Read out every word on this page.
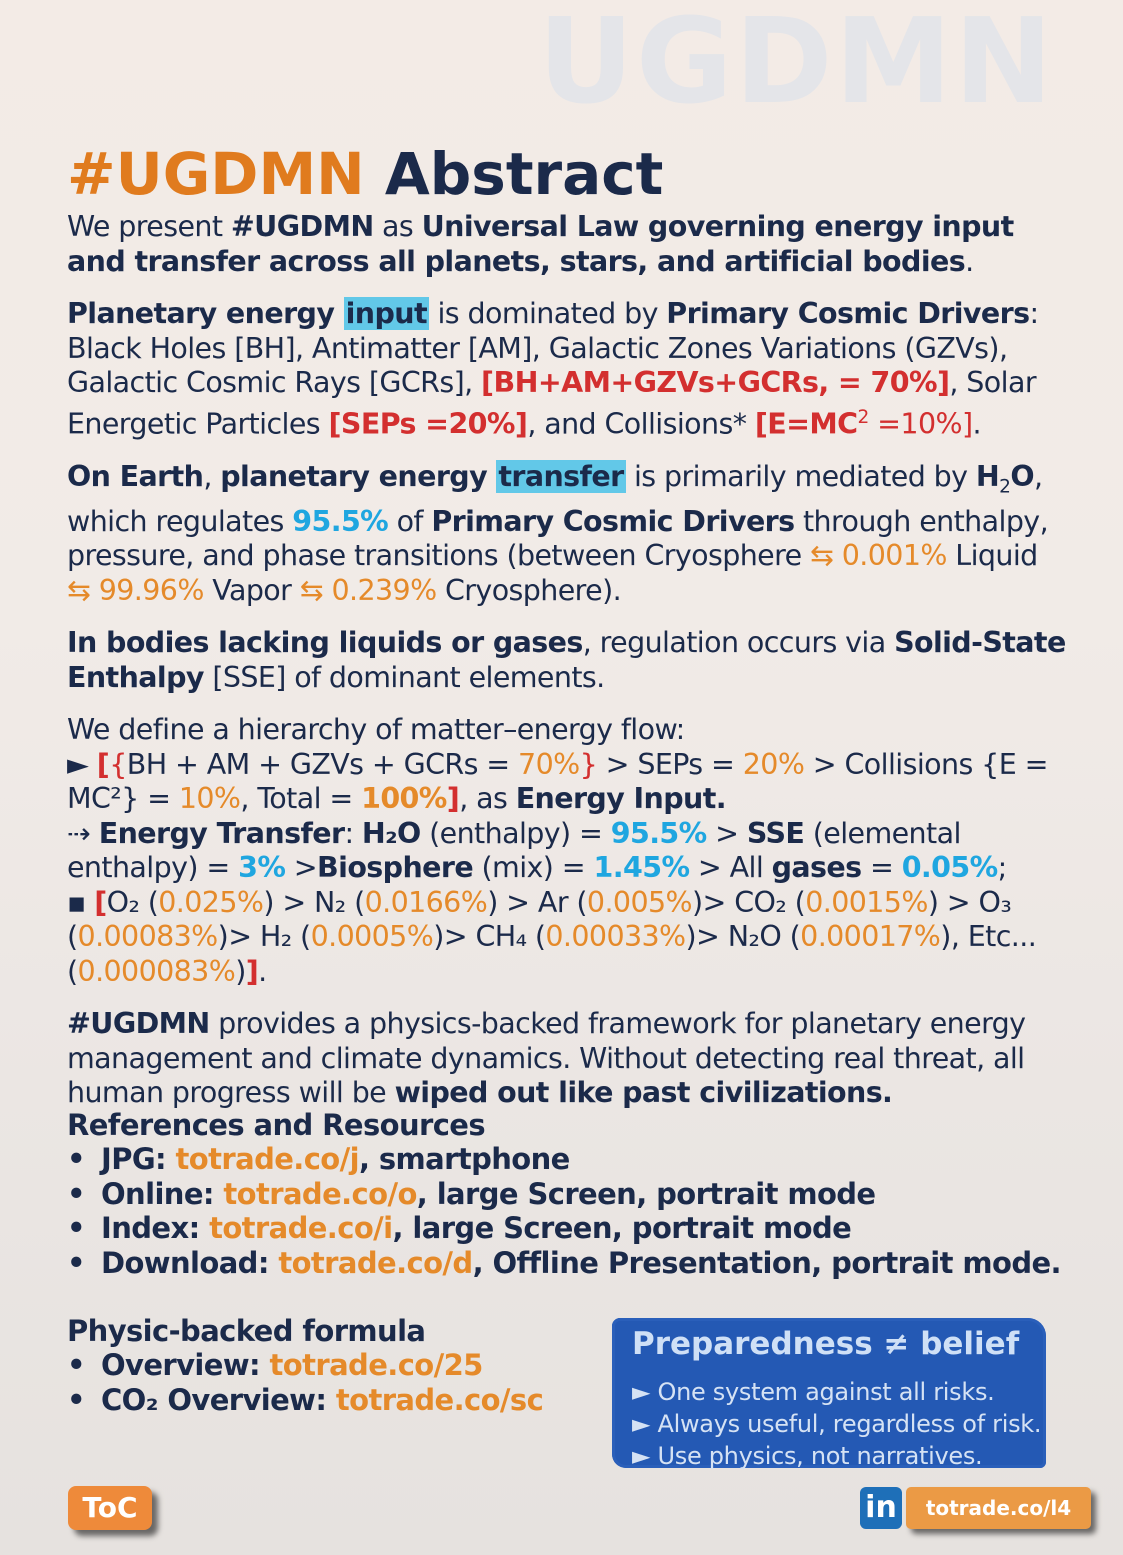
UGDMN
#UGDMN Abstract

We present #UGDMN as Universal Law governing energy input and transfer across all planets, stars, and artificial bodies.

Planetary energy input is dominated by Primary Cosmic Drivers: Black Holes [BH], Antimatter [AM], Galactic Zones Variations (GZVs), Galactic Cosmic Rays [GCRs], [BH+AM+GZVs+GCRs, = 70%], Solar Energetic Particles [SEPs =20%], and Collisions* $[E=MC^2 =10\%]$.

On Earth, planetary energy transfer is primarily mediated by $H_2O$, which regulates 95.5% of Primary Cosmic Drivers through enthalpy, pressure, and phase transitions (between Cryosphere ⇆ 0.001% Liquid ⇆ 99.96% Vapor ⇆ 0.239% Cryosphere).

In bodies lacking liquids or gases, regulation occurs via Solid-State Enthalpy [SSE] of dominant elements.

We define a hierarchy of matter–energy flow:
► [{BH + AM + GZVs + GCRs = 70%} > SEPs = 20% > Collisions {E = MC²} = 10%, Total = 100%], as Energy Input.
⇢ Energy Transfer: H₂O (enthalpy) = 95.5% > SSE (elemental enthalpy) = 3% >Biosphere (mix) = 1.45% > All gases = 0.05%;
▪ [O₂ (0.025%) > N₂ (0.0166%) > Ar (0.005%)> CO₂ (0.0015%) > O₃ (0.00083%)> H₂ (0.0005%)> CH₄ (0.00033%)> N₂O (0.00017%), Etc... (0.000083%)].

#UGDMN provides a physics-backed framework for planetary energy management and climate dynamics. Without detecting real threat, all human progress will be wiped out like past civilizations.

References and Resources
• JPG: totrade.co/j, smartphone
• Online: totrade.co/o, large Screen, portrait mode
• Index: totrade.co/i, large Screen, portrait mode
• Download: totrade.co/d, Offline Presentation, portrait mode.
Physic-backed formula
• Overview: totrade.co/25
• CO₂ Overview: totrade.co/sc
Preparedness ≠ belief
► One system against all risks.
► Always useful, regardless of risk.
► Use physics, not narratives.
ToC	in	totrade.co/l4
